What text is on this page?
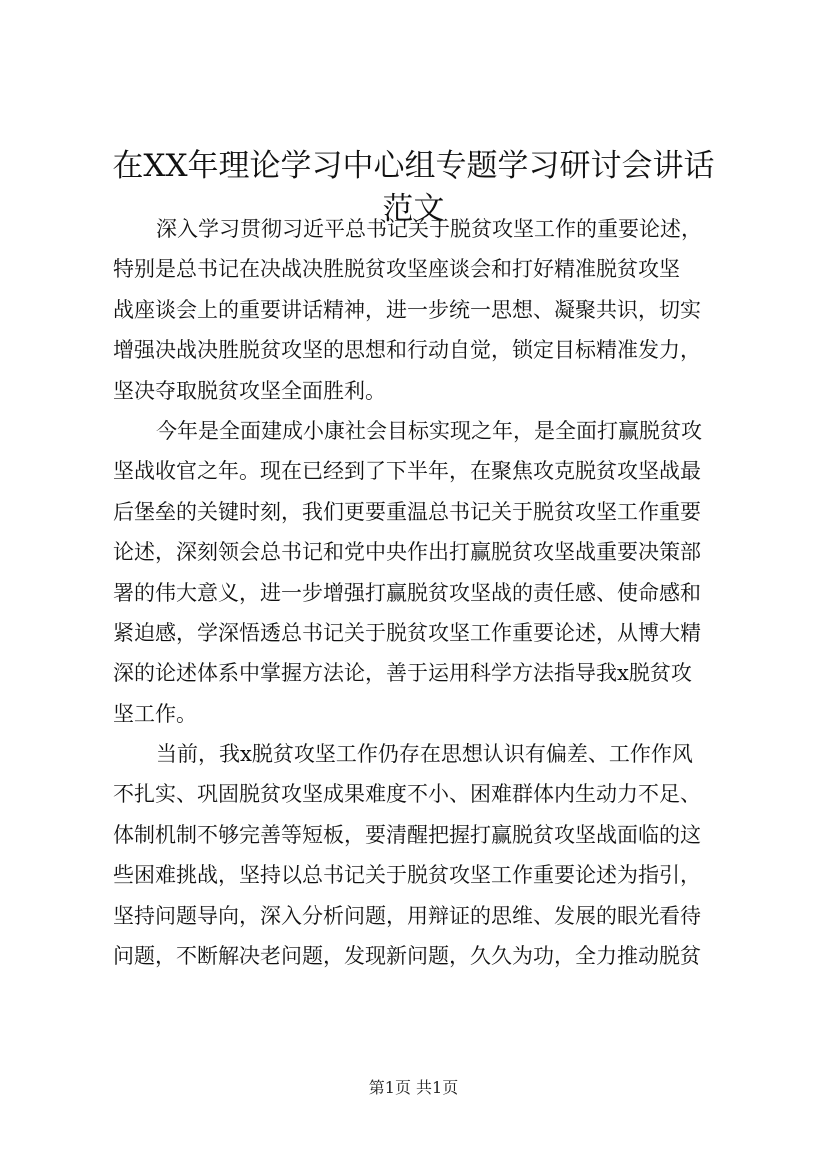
在XX年理论学习中心组专题学习研讨会讲话
范文
深入学习贯彻习近平总书记关于脱贫攻坚工作的重要论述，
特别是总书记在决战决胜脱贫攻坚座谈会和打好精准脱贫攻坚
战座谈会上的重要讲话精神，进一步统一思想、凝聚共识，切实
增强决战决胜脱贫攻坚的思想和行动自觉，锁定目标精准发力，
坚决夺取脱贫攻坚全面胜利。
今年是全面建成小康社会目标实现之年，是全面打赢脱贫攻
坚战收官之年。现在已经到了下半年，在聚焦攻克脱贫攻坚战最
后堡垒的关键时刻，我们更要重温总书记关于脱贫攻坚工作重要
论述，深刻领会总书记和党中央作出打赢脱贫攻坚战重要决策部
署的伟大意义，进一步增强打赢脱贫攻坚战的责任感、使命感和
紧迫感，学深悟透总书记关于脱贫攻坚工作重要论述，从博大精
深的论述体系中掌握方法论，善于运用科学方法指导我x脱贫攻
坚工作。
当前，我x脱贫攻坚工作仍存在思想认识有偏差、工作作风
不扎实、巩固脱贫攻坚成果难度不小、困难群体内生动力不足、
体制机制不够完善等短板，要清醒把握打赢脱贫攻坚战面临的这
些困难挑战，坚持以总书记关于脱贫攻坚工作重要论述为指引，
坚持问题导向，深入分析问题，用辩证的思维、发展的眼光看待
问题，不断解决老问题，发现新问题，久久为功，全力推动脱贫
第1页 共1页
